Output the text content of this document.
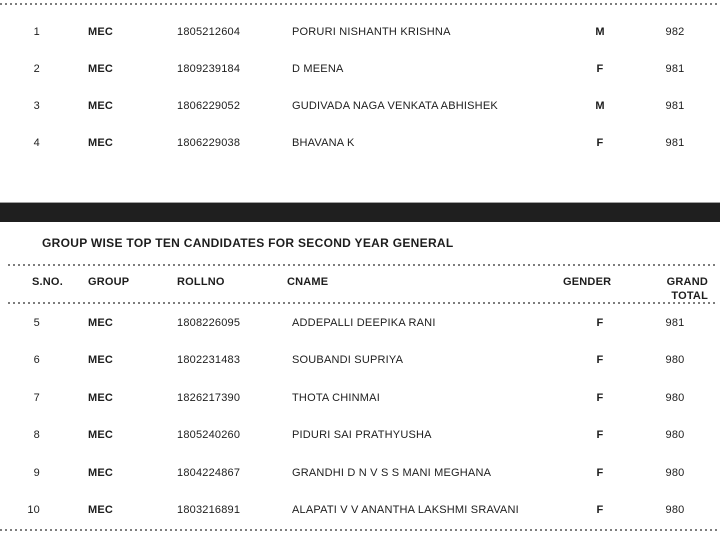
1	MEC	1805212604	PORURI NISHANTH KRISHNA	M	982
2	MEC	1809239184	D MEENA	F	981
3	MEC	1806229052	GUDIVADA NAGA VENKATA ABHISHEK	M	981
4	MEC	1806229038	BHAVANA K	F	981
GROUP WISE TOP TEN CANDIDATES FOR SECOND YEAR GENERAL
S.NO.	GROUP	ROLLNO	CNAME	GENDER	GRAND
TOTAL
5	MEC	1808226095	ADDEPALLI DEEPIKA RANI	F	981
6	MEC	1802231483	SOUBANDI SUPRIYA	F	980
7	MEC	1826217390	THOTA CHINMAI	F	980
8	MEC	1805240260	PIDURI SAI PRATHYUSHA	F	980
9	MEC	1804224867	GRANDHI D N V S S MANI MEGHANA	F	980
10	MEC	1803216891	ALAPATI V V ANANTHA LAKSHMI SRAVANI	F	980
